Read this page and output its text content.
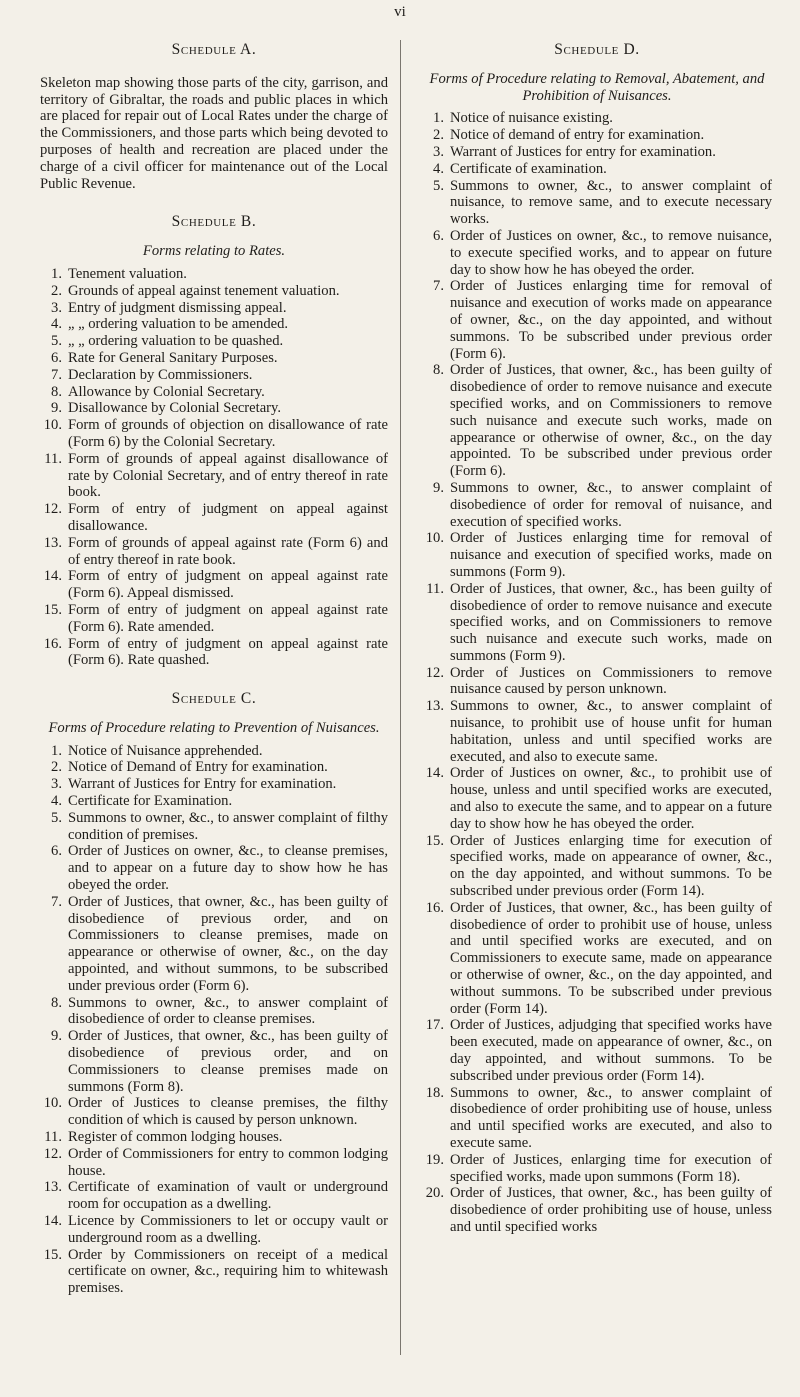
vi
Schedule A.

Skeleton map showing those parts of the city, garrison, and territory of Gibraltar, the roads and public places in which are placed for repair out of Local Rates under the charge of the Commissioners, and those parts which being devoted to purposes of health and recreation are placed under the charge of a civil officer for maintenance out of the Local Public Revenue.

Schedule B.
Forms relating to Rates.
1. Tenement valuation.
2. Grounds of appeal against tenement valuation.
3. Entry of judgment dismissing appeal.
4. „ „ ordering valuation to be amended.
5. „ „ ordering valuation to be quashed.
6. Rate for General Sanitary Purposes.
7. Declaration by Commissioners.
8. Allowance by Colonial Secretary.
9. Disallowance by Colonial Secretary.
10. Form of grounds of objection on disallowance of rate (Form 6) by the Colonial Secretary.
11. Form of grounds of appeal against disallowance of rate by Colonial Secretary, and of entry thereof in rate book.
12. Form of entry of judgment on appeal against disallowance.
13. Form of grounds of appeal against rate (Form 6) and of entry thereof in rate book.
14. Form of entry of judgment on appeal against rate (Form 6). Appeal dismissed.
15. Form of entry of judgment on appeal against rate (Form 6). Rate amended.
16. Form of entry of judgment on appeal against rate (Form 6). Rate quashed.
Schedule C.
Forms of Procedure relating to Prevention of Nuisances.
1. Notice of Nuisance apprehended.
2. Notice of Demand of Entry for examination.
3. Warrant of Justices for Entry for examination.
4. Certificate for Examination.
5. Summons to owner, &c., to answer complaint of filthy condition of premises.
6. Order of Justices on owner, &c., to cleanse premises, and to appear on a future day to show how he has obeyed the order.
7. Order of Justices, that owner, &c., has been guilty of disobedience of previous order, and on Commissioners to cleanse premises, made on appearance or otherwise of owner, &c., on the day appointed, and without summons, to be subscribed under previous order (Form 6).
8. Summons to owner, &c., to answer complaint of disobedience of order to cleanse premises.
9. Order of Justices, that owner, &c., has been guilty of disobedience of previous order, and on Commissioners to cleanse premises made on summons (Form 8).
10. Order of Justices to cleanse premises, the filthy condition of which is caused by person unknown.
11. Register of common lodging houses.
12. Order of Commissioners for entry to common lodging house.
13. Certificate of examination of vault or underground room for occupation as a dwelling.
14. Licence by Commissioners to let or occupy vault or underground room as a dwelling.
15. Order by Commissioners on receipt of a medical certificate on owner, &c., requiring him to whitewash premises.
Schedule D.
Forms of Procedure relating to Removal, Abatement, and Prohibition of Nuisances.
1. Notice of nuisance existing.
2. Notice of demand of entry for examination.
3. Warrant of Justices for entry for examination.
4. Certificate of examination.
5. Summons to owner, &c., to answer complaint of nuisance, to remove same, and to execute necessary works.
6. Order of Justices on owner, &c., to remove nuisance, to execute specified works, and to appear on future day to show how he has obeyed the order.
7. Order of Justices enlarging time for removal of nuisance and execution of works made on appearance of owner, &c., on the day appointed, and without summons. To be subscribed under previous order (Form 6).
8. Order of Justices, that owner, &c., has been guilty of disobedience of order to remove nuisance and execute specified works, and on Commissioners to remove such nuisance and execute such works, made on appearance or otherwise of owner, &c., on the day appointed. To be subscribed under previous order (Form 6).
9. Summons to owner, &c., to answer complaint of disobedience of order for removal of nuisance, and execution of specified works.
10. Order of Justices enlarging time for removal of nuisance and execution of specified works, made on summons (Form 9).
11. Order of Justices, that owner, &c., has been guilty of disobedience of order to remove nuisance and execute specified works, and on Commissioners to remove such nuisance and execute such works, made on summons (Form 9).
12. Order of Justices on Commissioners to remove nuisance caused by person unknown.
13. Summons to owner, &c., to answer complaint of nuisance, to prohibit use of house unfit for human habitation, unless and until specified works are executed, and also to execute same.
14. Order of Justices on owner, &c., to prohibit use of house, unless and until specified works are executed, and also to execute the same, and to appear on a future day to show how he has obeyed the order.
15. Order of Justices enlarging time for execution of specified works, made on appearance of owner, &c., on the day appointed, and without summons. To be subscribed under previous order (Form 14).
16. Order of Justices, that owner, &c., has been guilty of disobedience of order to prohibit use of house, unless and until specified works are executed, and on Commissioners to execute same, made on appearance or otherwise of owner, &c., on the day appointed, and without summons. To be subscribed under previous order (Form 14).
17. Order of Justices, adjudging that specified works have been executed, made on appearance of owner, &c., on day appointed, and without summons. To be subscribed under previous order (Form 14).
18. Summons to owner, &c., to answer complaint of disobedience of order prohibiting use of house, unless and until specified works are executed, and also to execute same.
19. Order of Justices, enlarging time for execution of specified works, made upon summons (Form 18).
20. Order of Justices, that owner, &c., has been guilty of disobedience of order prohibiting use of house, unless and until specified works
